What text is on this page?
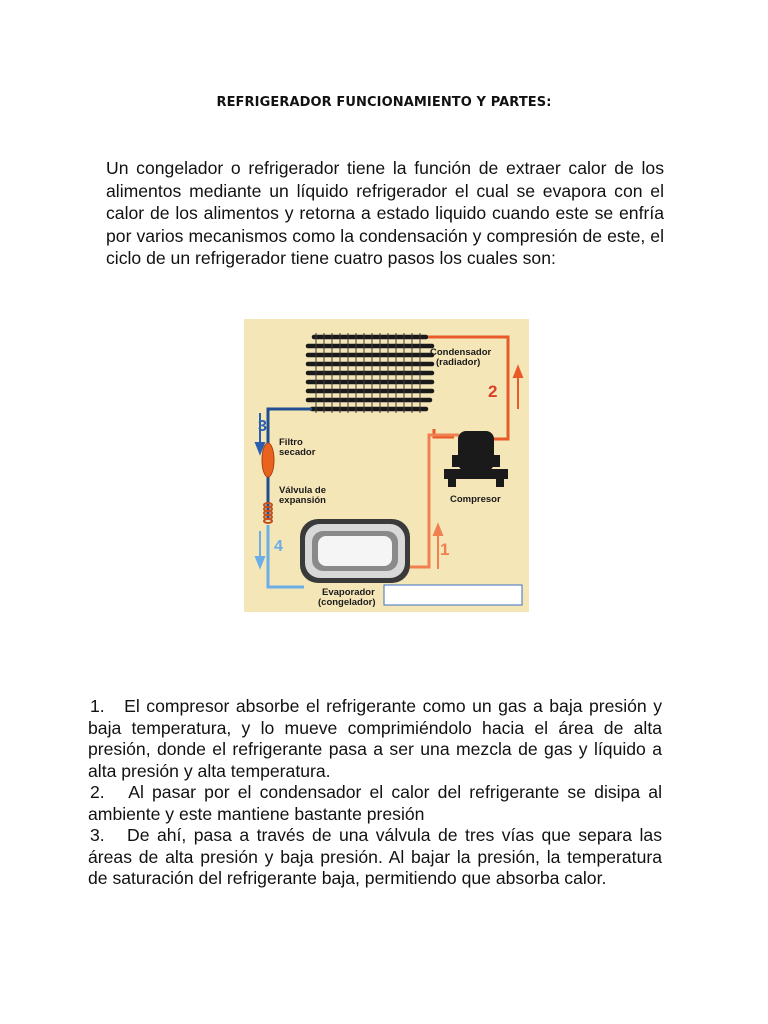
REFRIGERADOR FUNCIONAMIENTO Y PARTES:

Un congelador o refrigerador tiene la función de extraer calor de los alimentos mediante un líquido refrigerador el cual se evapora con el calor de los alimentos y retorna a estado liquido cuando este se enfría por varios mecanismos como la condensación y compresión de este, el ciclo de un refrigerador tiene cuatro pasos los cuales son:

Condensador
(radiador)
Filtro
secador
Válvula de
expansión	Compresor
Evaporador
(congelador)
3
4
2
1

1. El compresor absorbe el refrigerante como un gas a baja presión y baja temperatura, y lo mueve comprimiéndolo hacia el área de alta presión, donde el refrigerante pasa a ser una mezcla de gas y líquido a alta presión y alta temperatura.

2. Al pasar por el condensador el calor del refrigerante se disipa al ambiente y este mantiene bastante presión

3. De ahí, pasa a través de una válvula de tres vías que separa las áreas de alta presión y baja presión. Al bajar la presión, la temperatura de saturación del refrigerante baja, permitiendo que absorba calor.
